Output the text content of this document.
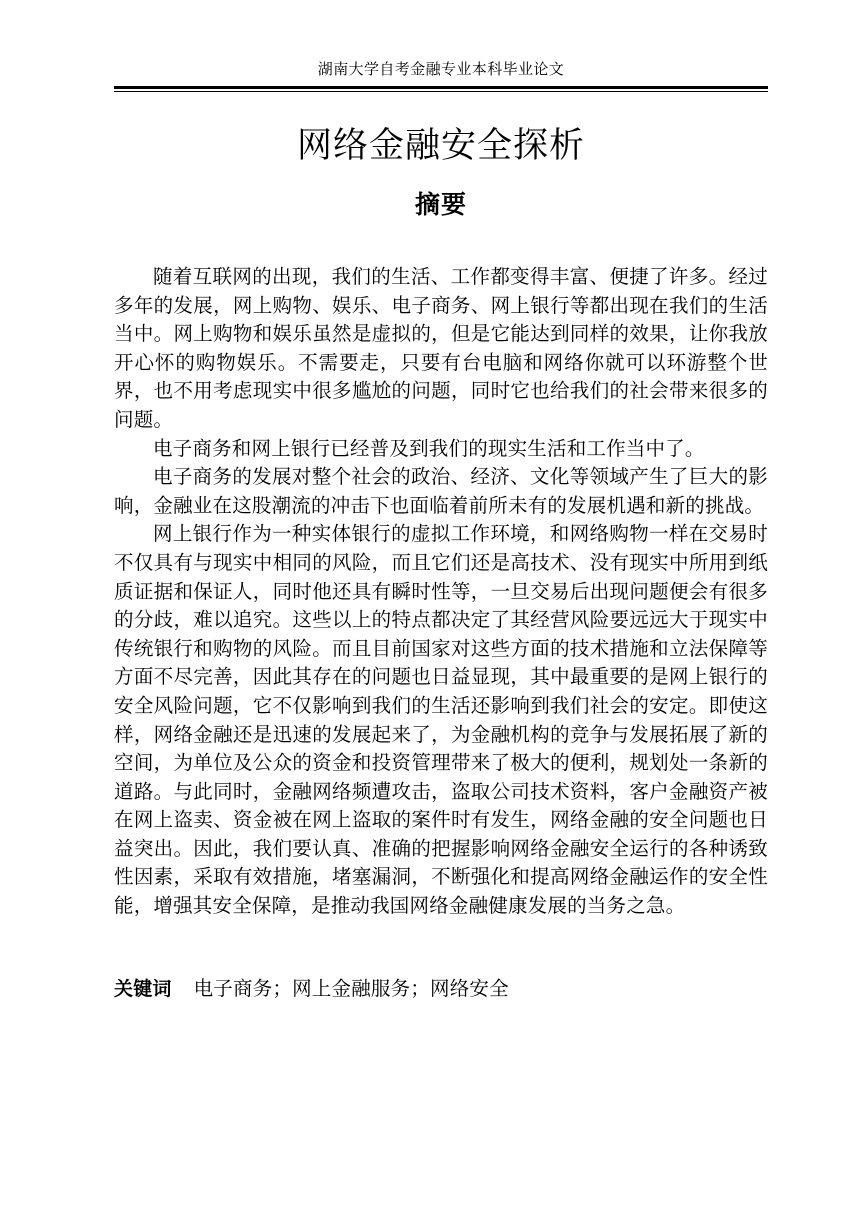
湖南大学自考金融专业本科毕业论文
网络金融安全探析
摘要

随着互联网的出现，我们的生活、工作都变得丰富、便捷了许多。经过多年的发展，网上购物、娱乐、电子商务、网上银行等都出现在我们的生活当中。网上购物和娱乐虽然是虚拟的，但是它能达到同样的效果，让你我放开心怀的购物娱乐。不需要走，只要有台电脑和网络你就可以环游整个世界，也不用考虑现实中很多尴尬的问题，同时它也给我们的社会带来很多的问题。

电子商务和网上银行已经普及到我们的现实生活和工作当中了。

电子商务的发展对整个社会的政治、经济、文化等领域产生了巨大的影响，金融业在这股潮流的冲击下也面临着前所未有的发展机遇和新的挑战。

网上银行作为一种实体银行的虚拟工作环境，和网络购物一样在交易时不仅具有与现实中相同的风险，而且它们还是高技术、没有现实中所用到纸质证据和保证人，同时他还具有瞬时性等，一旦交易后出现问题便会有很多的分歧，难以追究。这些以上的特点都决定了其经营风险要远远大于现实中传统银行和购物的风险。而且目前国家对这些方面的技术措施和立法保障等方面不尽完善，因此其存在的问题也日益显现，其中最重要的是网上银行的安全风险问题，它不仅影响到我们的生活还影响到我们社会的安定。即使这样，网络金融还是迅速的发展起来了，为金融机构的竞争与发展拓展了新的空间，为单位及公众的资金和投资管理带来了极大的便利，规划处一条新的道路。与此同时，金融网络频遭攻击，盗取公司技术资料，客户金融资产被在网上盗卖、资金被在网上盗取的案件时有发生，网络金融的安全问题也日益突出。因此，我们要认真、准确的把握影响网络金融安全运行的各种诱致性因素，采取有效措施，堵塞漏洞，不断强化和提高网络金融运作的安全性能，增强其安全保障，是推动我国网络金融健康发展的当务之急。

关键词 电子商务；网上金融服务；网络安全
